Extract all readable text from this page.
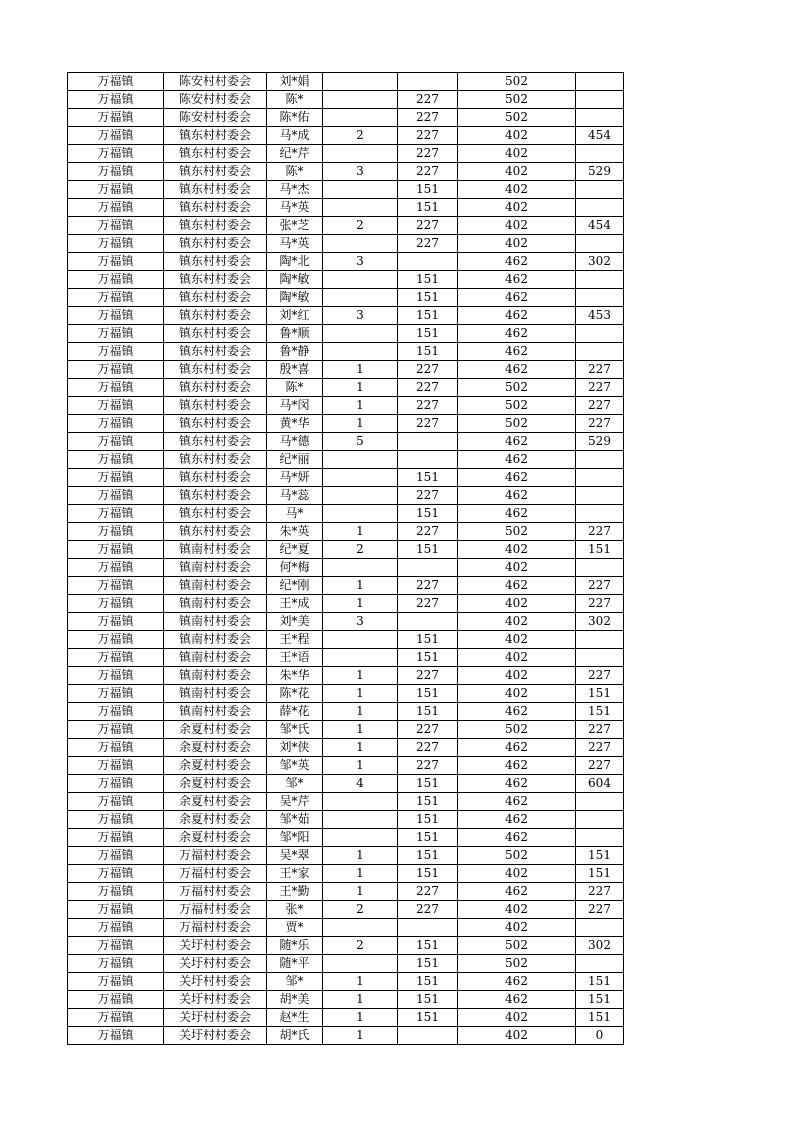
万福镇	陈安村村委会	刘*娟			502	
万福镇	陈安村村委会	陈*		227	502	
万福镇	陈安村村委会	陈*佑		227	502	
万福镇	镇东村村委会	马*成	2	227	402	454
万福镇	镇东村村委会	纪*芹		227	402	
万福镇	镇东村村委会	陈*	3	227	402	529
万福镇	镇东村村委会	马*杰		151	402	
万福镇	镇东村村委会	马*英		151	402	
万福镇	镇东村村委会	张*芝	2	227	402	454
万福镇	镇东村村委会	马*英		227	402	
万福镇	镇东村村委会	陶*北	3		462	302
万福镇	镇东村村委会	陶*敏		151	462	
万福镇	镇东村村委会	陶*敏		151	462	
万福镇	镇东村村委会	刘*红	3	151	462	453
万福镇	镇东村村委会	鲁*顺		151	462	
万福镇	镇东村村委会	鲁*静		151	462	
万福镇	镇东村村委会	殷*喜	1	227	462	227
万福镇	镇东村村委会	陈*	1	227	502	227
万福镇	镇东村村委会	马*闵	1	227	502	227
万福镇	镇东村村委会	黄*华	1	227	502	227
万福镇	镇东村村委会	马*德	5		462	529
万福镇	镇东村村委会	纪*丽			462	
万福镇	镇东村村委会	马*妍		151	462	
万福镇	镇东村村委会	马*蕊		227	462	
万福镇	镇东村村委会	马*		151	462	
万福镇	镇东村村委会	朱*英	1	227	502	227
万福镇	镇南村村委会	纪*夏	2	151	402	151
万福镇	镇南村村委会	何*梅			402	
万福镇	镇南村村委会	纪*刚	1	227	462	227
万福镇	镇南村村委会	王*成	1	227	402	227
万福镇	镇南村村委会	刘*美	3		402	302
万福镇	镇南村村委会	王*程		151	402	
万福镇	镇南村村委会	王*语		151	402	
万福镇	镇南村村委会	朱*华	1	227	402	227
万福镇	镇南村村委会	陈*花	1	151	402	151
万福镇	镇南村村委会	薛*花	1	151	462	151
万福镇	余夏村村委会	邹*氏	1	227	502	227
万福镇	余夏村村委会	刘*侠	1	227	462	227
万福镇	余夏村村委会	邹*英	1	227	462	227
万福镇	余夏村村委会	邹*	4	151	462	604
万福镇	余夏村村委会	吴*芹		151	462	
万福镇	余夏村村委会	邹*茹		151	462	
万福镇	余夏村村委会	邹*阳		151	462	
万福镇	万福村村委会	吴*翠	1	151	502	151
万福镇	万福村村委会	王*家	1	151	402	151
万福镇	万福村村委会	王*勤	1	227	462	227
万福镇	万福村村委会	张*	2	227	402	227
万福镇	万福村村委会	贾*			402	
万福镇	关圩村村委会	随*乐	2	151	502	302
万福镇	关圩村村委会	随*平		151	502	
万福镇	关圩村村委会	邹*	1	151	462	151
万福镇	关圩村村委会	胡*美	1	151	462	151
万福镇	关圩村村委会	赵*生	1	151	402	151
万福镇	关圩村村委会	胡*氏	1		402	0
